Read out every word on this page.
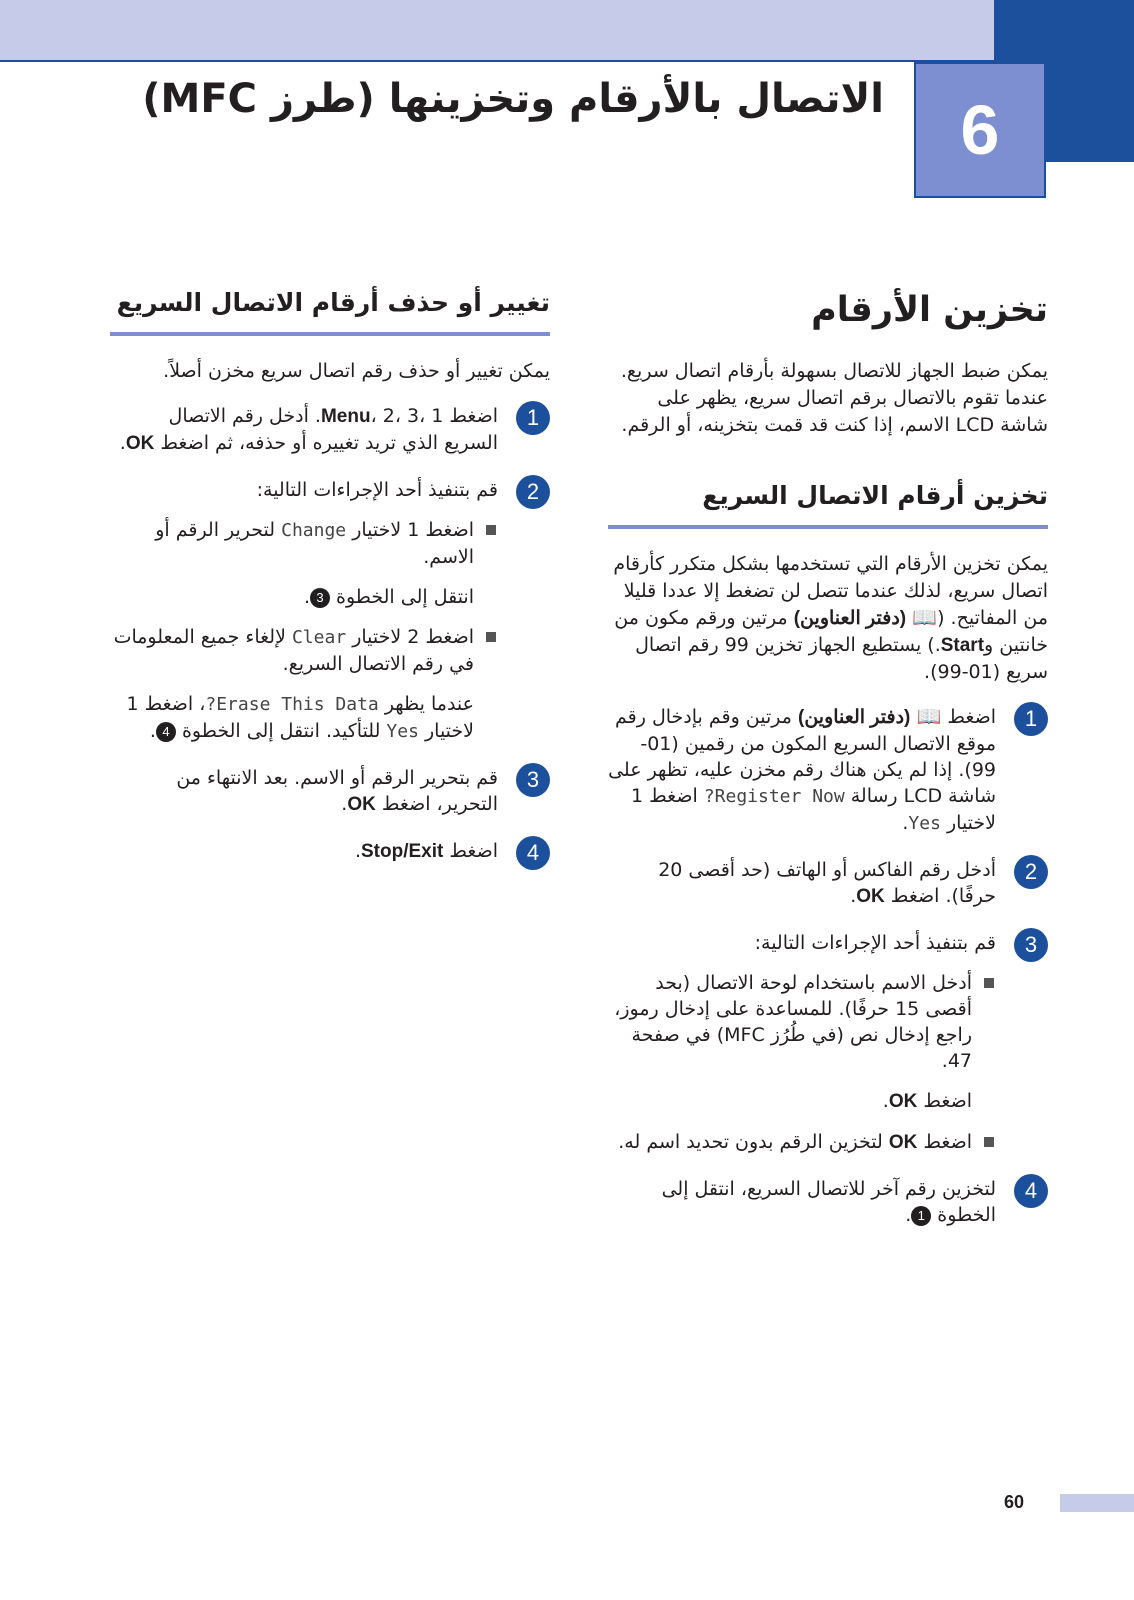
6
الاتصال بالأرقام وتخزينها (طرز MFC)
تخزين الأرقام
يمكن ضبط الجهاز للاتصال بسهولة بأرقام اتصال سريع. عندما تقوم بالاتصال برقم اتصال سريع، يظهر على شاشة LCD الاسم، إذا كنت قد قمت بتخزينه، أو الرقم.
تخزين أرقام الاتصال السريع
يمكن تخزين الأرقام التي تستخدمها بشكل متكرر كأرقام اتصال سريع، لذلك عندما تتصل لن تضغط إلا عددا قليلا من المفاتيح. (📖 (دفتر العناوين) مرتين ورقم مكون من خانتين وStart.) يستطيع الجهاز تخزين 99 رقم اتصال سريع (01-99).
1
اضغط 📖 (دفتر العناوين) مرتين وقم بإدخال رقم موقع الاتصال السريع المكون من رقمين (01-99). إذا لم يكن هناك رقم مخزن عليه، تظهر على شاشة LCD رسالة Register Now? اضغط 1 لاختيار Yes.
2
أدخل رقم الفاكس أو الهاتف (حد أقصى 20 حرفًا). اضغط OK.
3
قم بتنفيذ أحد الإجراءات التالية:
أدخل الاسم باستخدام لوحة الاتصال (بحد أقصى 15 حرفًا). للمساعدة على إدخال رموز، راجع إدخال نص (في طُرُز MFC) في صفحة 47.
اضغط OK.
اضغط OK لتخزين الرقم بدون تحديد اسم له.
4
لتخزين رقم آخر للاتصال السريع، انتقل إلى الخطوة 1.
تغيير أو حذف أرقام الاتصال السريع
يمكن تغيير أو حذف رقم اتصال سريع مخزن أصلاً.
1
اضغط Menu، 2، 3، 1. أدخل رقم الاتصال السريع الذي تريد تغييره أو حذفه، ثم اضغط OK.
2
قم بتنفيذ أحد الإجراءات التالية:
اضغط 1 لاختيار Change لتحرير الرقم أو الاسم.
انتقل إلى الخطوة 3.
اضغط 2 لاختيار Clear لإلغاء جميع المعلومات في رقم الاتصال السريع.
عندما يظهر Erase This Data?، اضغط 1 لاختيار Yes للتأكيد. انتقل إلى الخطوة 4.
3
قم بتحرير الرقم أو الاسم. بعد الانتهاء من التحرير، اضغط OK.
4
اضغط Stop/Exit.
60
